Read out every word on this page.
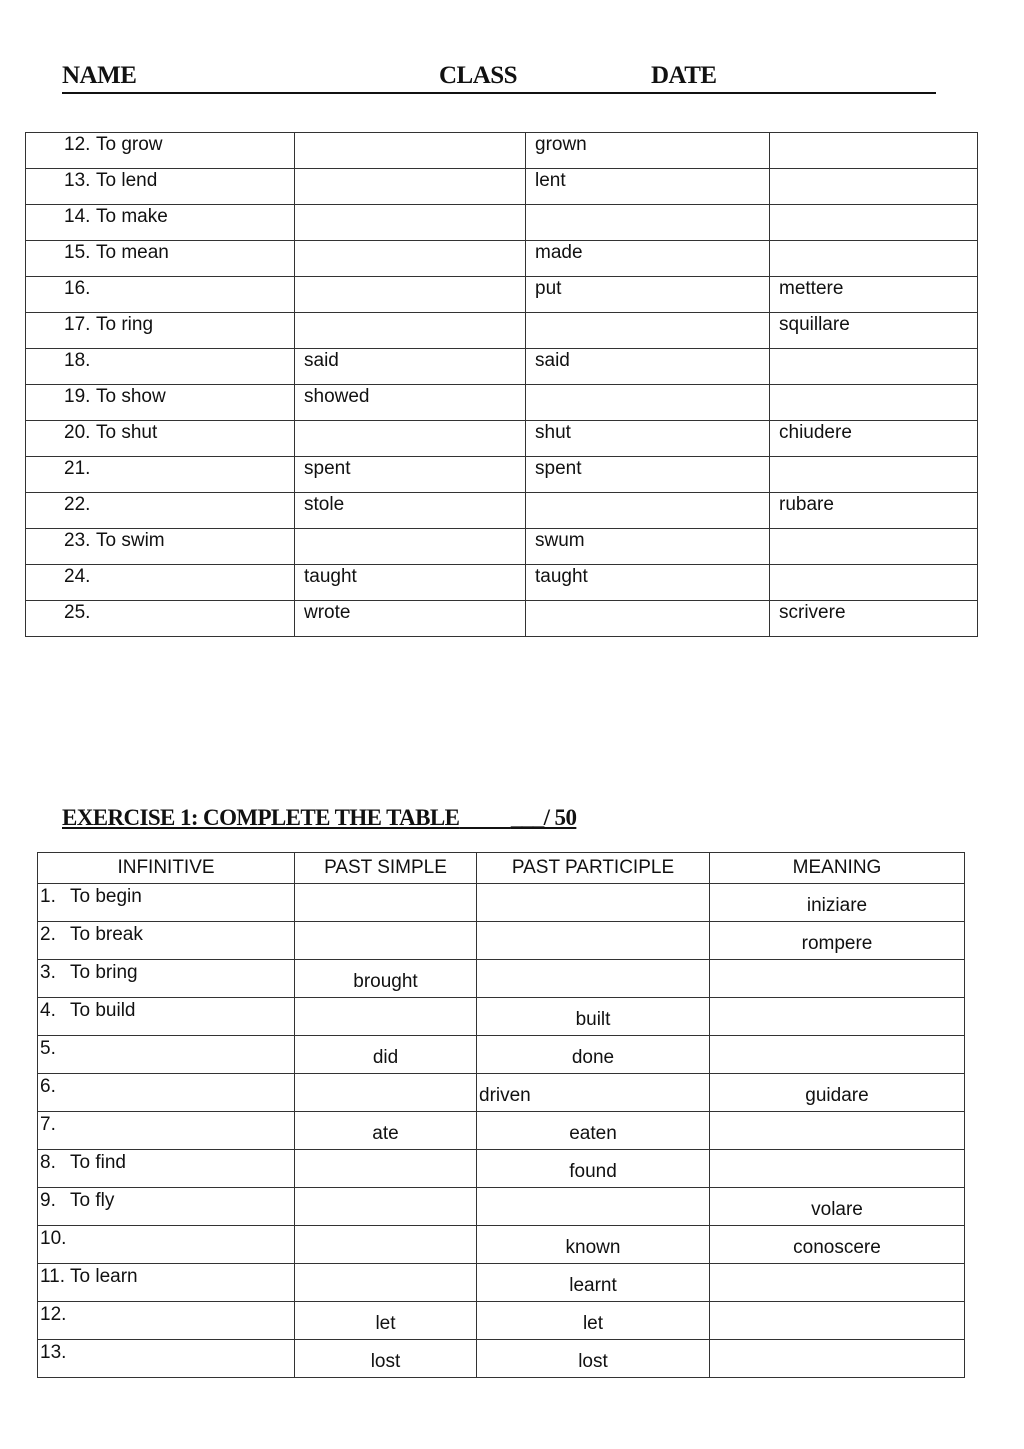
NAME	CLASS	DATE
12. To grow		grown	
13. To lend		lent	
14. To make			
15. To mean		made	
16.		put	mettere
17. To ring			squillare
18.	said	said	
19. To show	showed		
20. To shut		shut	chiudere
21.	spent	spent	
22.	stole		rubare
23. To swim		swum	
24.	taught	taught	
25.	wrote		scrivere
EXERCISE 1: COMPLETE THE TABLE ___/ 50
INFINITIVE	PAST SIMPLE	PAST PARTICIPLE	MEANING

1. To begin			iniziare

2. To break			rompere

3. To bring	brought		

4. To build		built	

5.	did	done	

6.		driven	guidare

7.	ate	eaten	

8. To find		found	

9. To fly			volare

10.		known	conoscere

11. To learn		learnt	

12.	let	let	

13.	lost	lost	
